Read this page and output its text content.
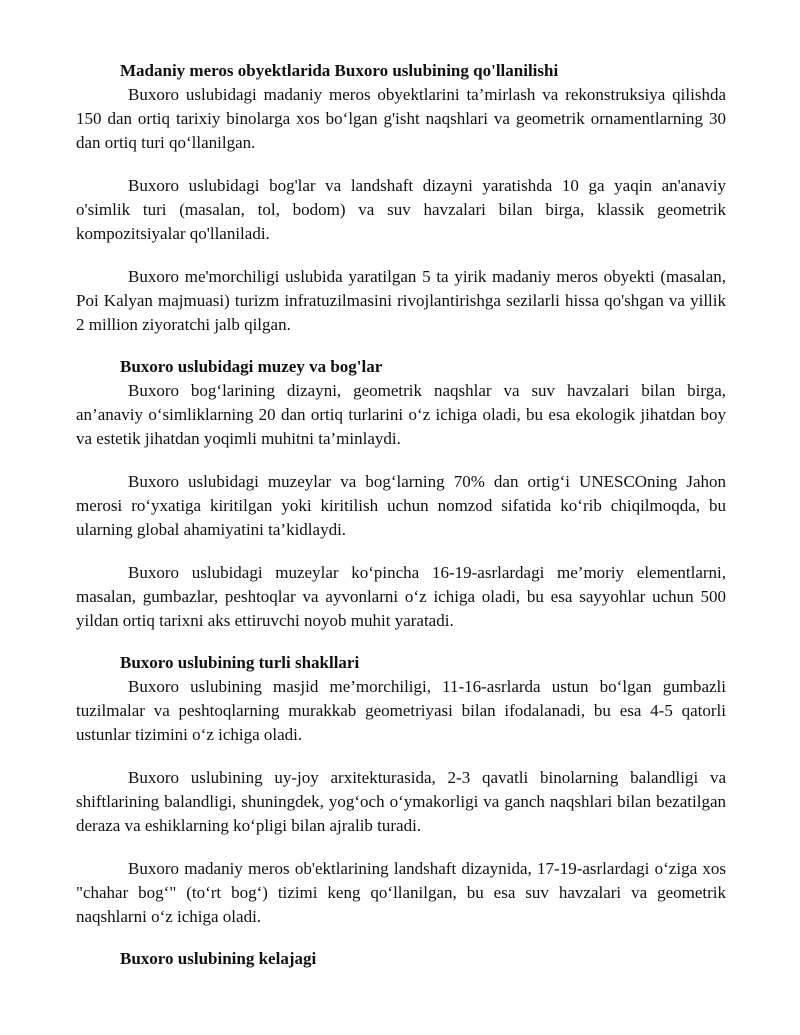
Madaniy meros obyektlarida Buxoro uslubining qo'llanilishi

Buxoro uslubidagi madaniy meros obyektlarini ta’mirlash va rekonstruksiya qilishda 150 dan ortiq tarixiy binolarga xos bo‘lgan g'isht naqshlari va geometrik ornamentlarning 30 dan ortiq turi qo‘llanilgan.

Buxoro uslubidagi bog'lar va landshaft dizayni yaratishda 10 ga yaqin an'anaviy o'simlik turi (masalan, tol, bodom) va suv havzalari bilan birga, klassik geometrik kompozitsiyalar qo'llaniladi.

Buxoro me'morchiligi uslubida yaratilgan 5 ta yirik madaniy meros obyekti (masalan, Poi Kalyan majmuasi) turizm infratuzilmasini rivojlantirishga sezilarli hissa qo'shgan va yillik 2 million ziyoratchi jalb qilgan.

Buxoro uslubidagi muzey va bog'lar

Buxoro bog‘larining dizayni, geometrik naqshlar va suv havzalari bilan birga, an’anaviy o‘simliklarning 20 dan ortiq turlarini o‘z ichiga oladi, bu esa ekologik jihatdan boy va estetik jihatdan yoqimli muhitni ta’minlaydi.

Buxoro uslubidagi muzeylar va bog‘larning 70% dan ortig‘i UNESCOning Jahon merosi ro‘yxatiga kiritilgan yoki kiritilish uchun nomzod sifatida ko‘rib chiqilmoqda, bu ularning global ahamiyatini ta’kidlaydi.

Buxoro uslubidagi muzeylar ko‘pincha 16-19-asrlardagi me’moriy elementlarni, masalan, gumbazlar, peshtoqlar va ayvonlarni o‘z ichiga oladi, bu esa sayyohlar uchun 500 yildan ortiq tarixni aks ettiruvchi noyob muhit yaratadi.

Buxoro uslubining turli shakllari

Buxoro uslubining masjid me’morchiligi, 11-16-asrlarda ustun bo‘lgan gumbazli tuzilmalar va peshtoqlarning murakkab geometriyasi bilan ifodalanadi, bu esa 4-5 qatorli ustunlar tizimini o‘z ichiga oladi.

Buxoro uslubining uy-joy arxitekturasida, 2-3 qavatli binolarning balandligi va shiftlarining balandligi, shuningdek, yog‘och o‘ymakorligi va ganch naqshlari bilan bezatilgan deraza va eshiklarning ko‘pligi bilan ajralib turadi.

Buxoro madaniy meros ob'ektlarining landshaft dizaynida, 17-19-asrlardagi o‘ziga xos "chahar bog‘" (to‘rt bog‘) tizimi keng qo‘llanilgan, bu esa suv havzalari va geometrik naqshlarni o‘z ichiga oladi.

Buxoro uslubining kelajagi
